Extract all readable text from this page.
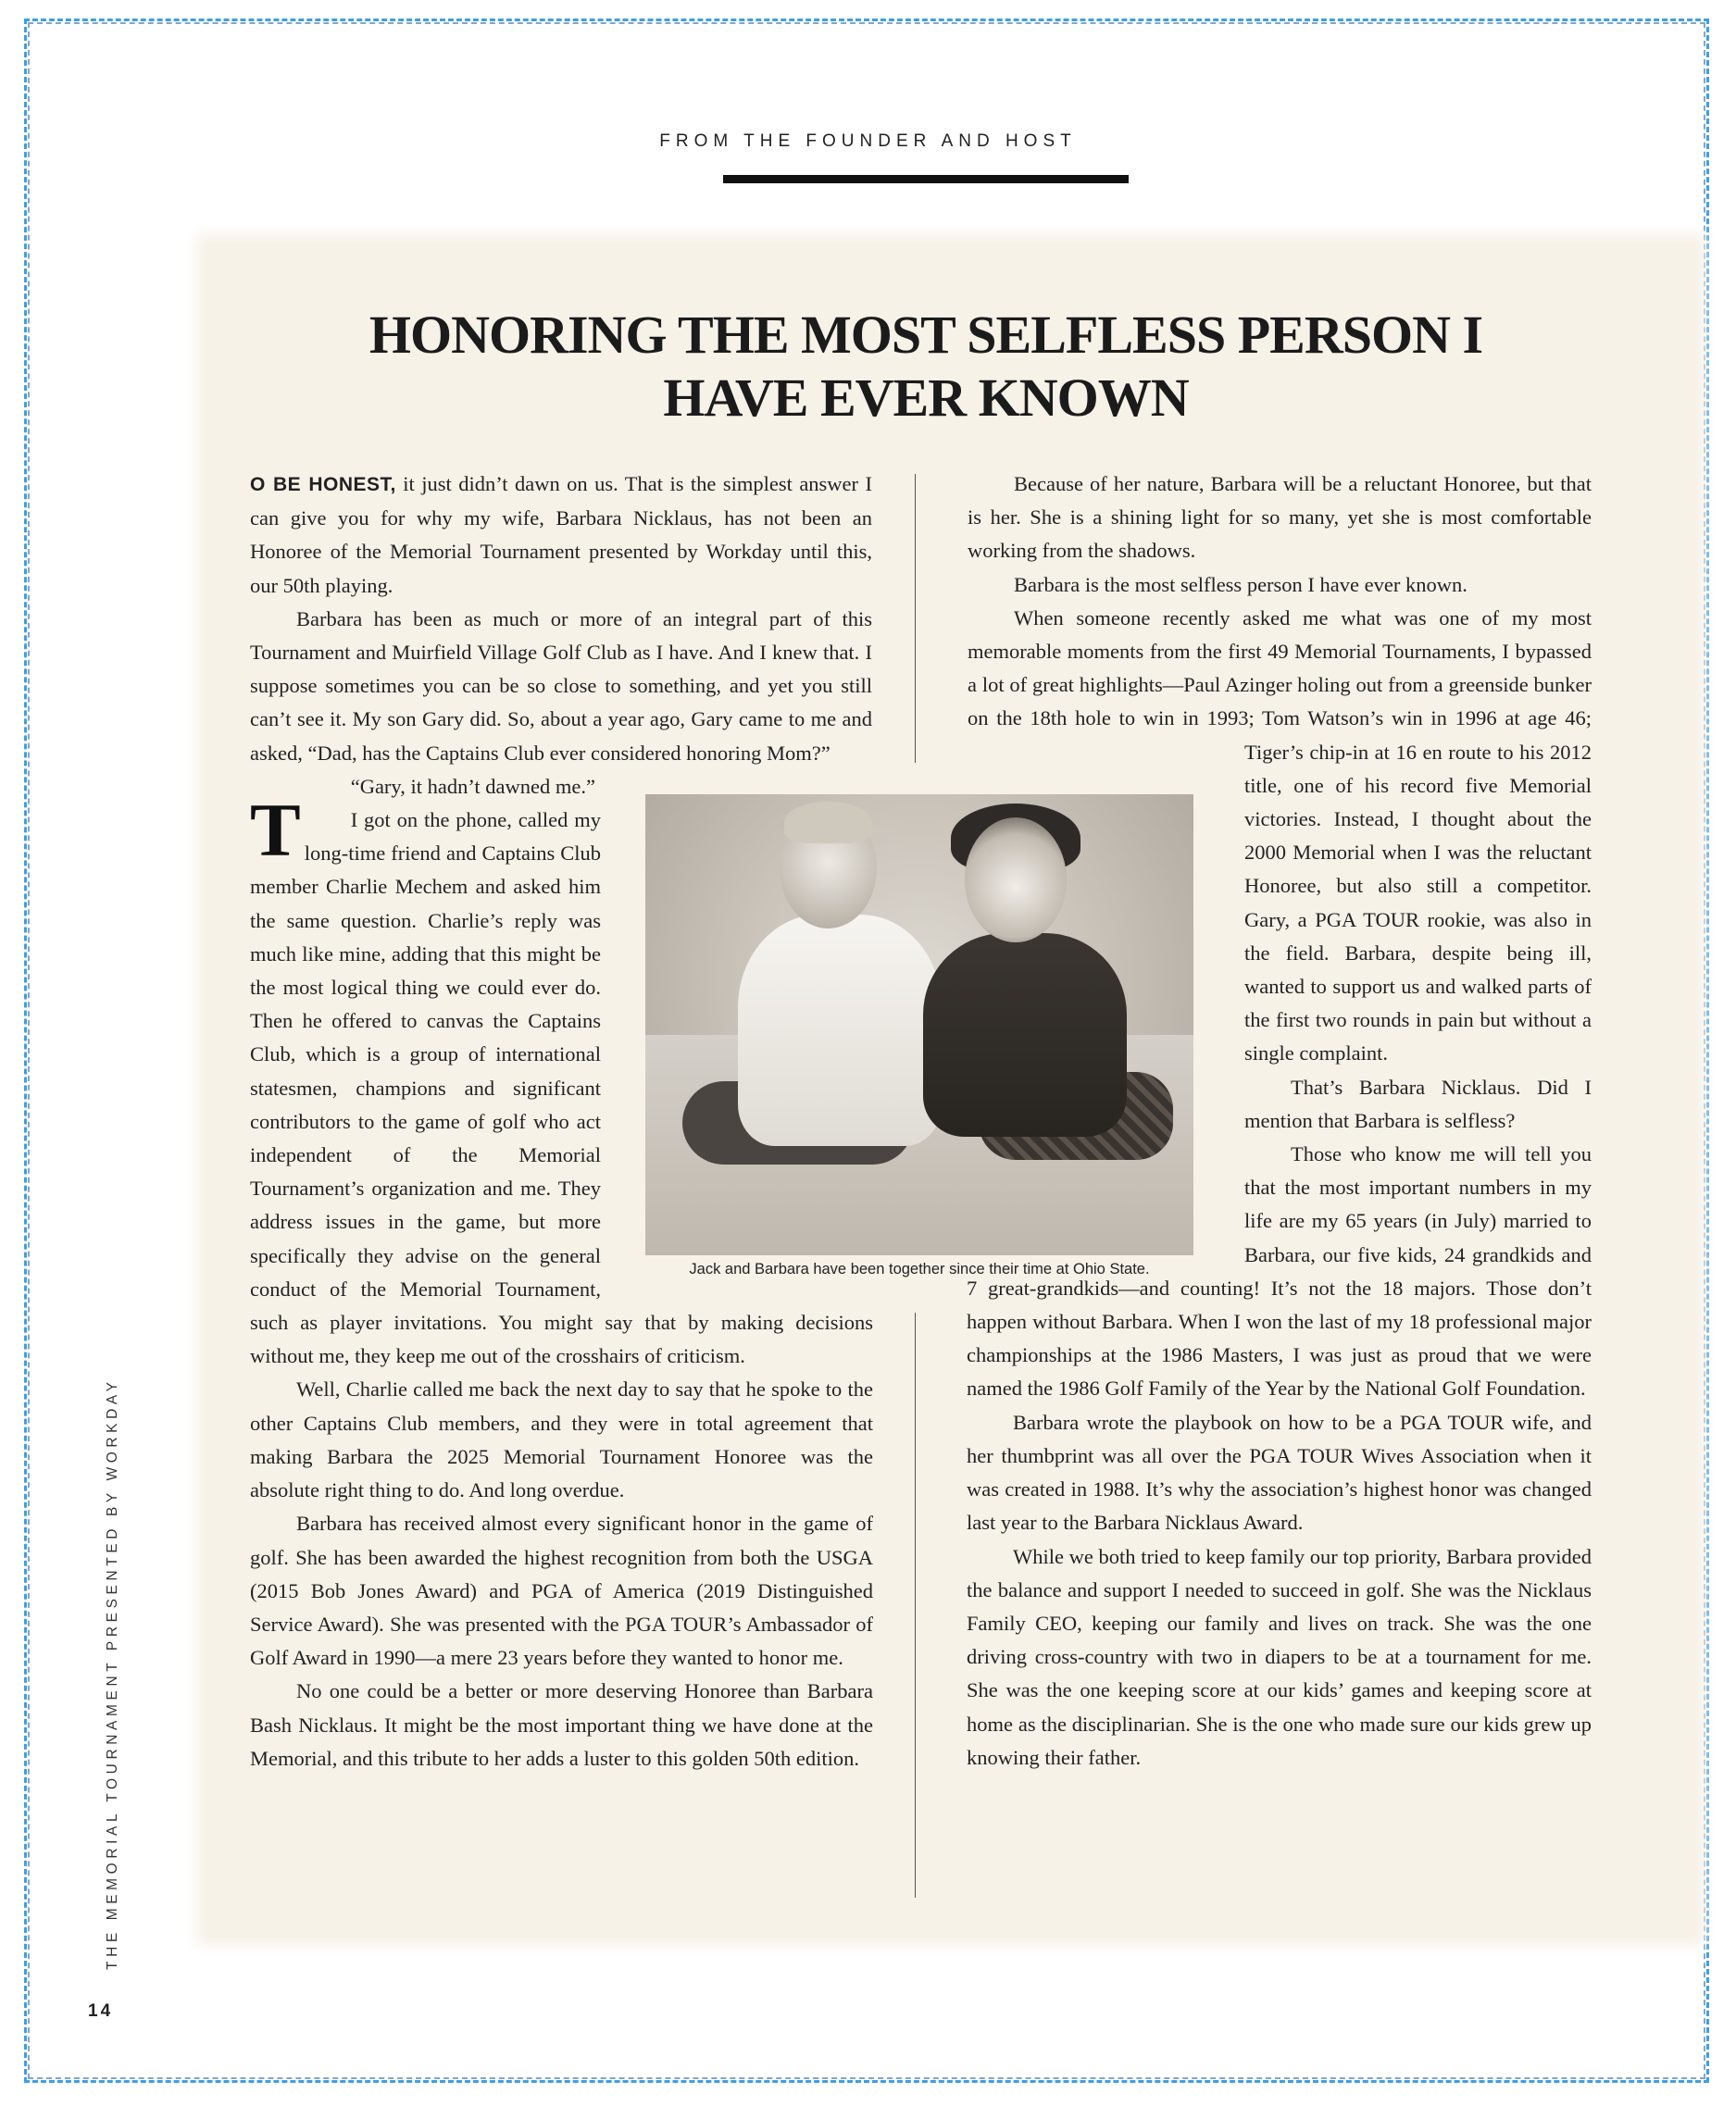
FROM THE FOUNDER AND HOST
HONORING THE MOST SELFLESS PERSON I HAVE EVER KNOWN

T
O BE HONEST, it just didn’t dawn on us. That is the simplest answer I can give you for why my wife, Barbara Nicklaus, has not been an Honoree of the Memorial Tournament presented by Workday until this, our 50th playing.

Barbara has been as much or more of an integral part of this Tournament and Muirfield Village Golf Club as I have. And I knew that. I suppose sometimes you can be so close to something, and yet you still can’t see it. My son Gary did. So, about a year ago, Gary came to me and asked, “Dad, has the Captains Club ever considered honoring Mom?”

“Gary, it hadn’t dawned me.”

I got on the phone, called my long-time friend and Captains Club member Charlie Mechem and asked him the same question. Charlie’s reply was much like mine, adding that this might be the most logical thing we could ever do. Then he offered to canvas the Captains Club, which is a group of international statesmen, champions and significant contributors to the game of golf who act independent of the Memorial Tournament’s organization and me. They address issues in the game, but more specifically they advise on the general conduct of the Memorial Tournament, such as player invitations. You might say that by making decisions without me, they keep me out of the crosshairs of criticism.

Well, Charlie called me back the next day to say that he spoke to the other Captains Club members, and they were in total agreement that making Barbara the 2025 Memorial Tournament Honoree was the absolute right thing to do. And long overdue.

Barbara has received almost every significant honor in the game of golf. She has been awarded the highest recognition from both the USGA (2015 Bob Jones Award) and PGA of America (2019 Distinguished Service Award). She was presented with the PGA TOUR’s Ambassador of Golf Award in 1990—a mere 23 years before they wanted to honor me.

No one could be a better or more deserving Honoree than Barbara Bash Nicklaus. It might be the most important thing we have done at the Memorial, and this tribute to her adds a luster to this golden 50th edition.

Because of her nature, Barbara will be a reluctant Honoree, but that is her. She is a shining light for so many, yet she is most comfortable working from the shadows.

Barbara is the most selfless person I have ever known.

When someone recently asked me what was one of my most memorable moments from the first 49 Memorial Tournaments, I bypassed a lot of great highlights—Paul Azinger holing out from a greenside bunker on the 18th hole to win in 1993; Tom Watson’s win in 1996 at age 46; Tiger’s chip-in at 16 en route to his 2012 title, one of his record five Memorial victories. Instead, I thought about the 2000 Memorial when I was the reluctant Honoree, but also still a competitor. Gary, a PGA TOUR rookie, was also in the field. Barbara, despite being ill, wanted to support us and walked parts of the first two rounds in pain but without a single complaint.

That’s Barbara Nicklaus. Did I mention that Barbara is selfless?

Those who know me will tell you that the most important numbers in my life are my 65 years (in July) married to Barbara, our five kids, 24 grandkids and 7 great-grandkids—and counting! It’s not the 18 majors. Those don’t happen without Barbara. When I won the last of my 18 professional major championships at the 1986 Masters, I was just as proud that we were named the 1986 Golf Family of the Year by the National Golf Foundation.

Barbara wrote the playbook on how to be a PGA TOUR wife, and her thumbprint was all over the PGA TOUR Wives Association when it was created in 1988. It’s why the association’s highest honor was changed last year to the Barbara Nicklaus Award.

While we both tried to keep family our top priority, Barbara provided the balance and support I needed to succeed in golf. She was the Nicklaus Family CEO, keeping our family and lives on track. She was the one driving cross-country with two in diapers to be at a tournament for me. She was the one keeping score at our kids’ games and keeping score at home as the disciplinarian. She is the one who made sure our kids grew up knowing their father.

Jack and Barbara have been together since their time at Ohio State.
THE MEMORIAL TOURNAMENT PRESENTED BY WORKDAY
14
